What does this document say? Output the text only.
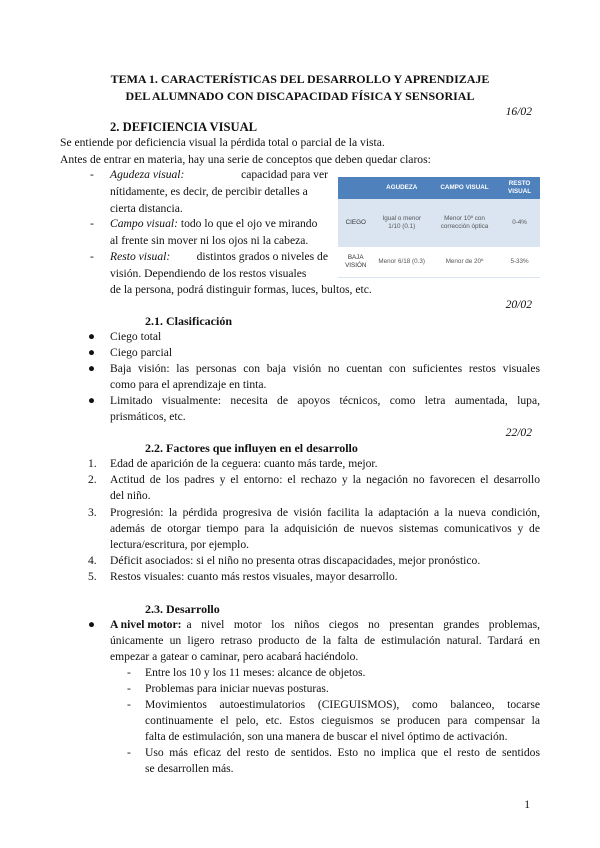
TEMA 1. CARACTERÍSTICAS DEL DESARROLLO Y APRENDIZAJE
DEL ALUMNADO CON DISCAPACIDAD FÍSICA Y SENSORIAL
16/02
2. DEFICIENCIA VISUAL
Se entiende por deficiencia visual la pérdida total o parcial de la vista.
Antes de entrar en materia, hay una serie de conceptos que deben quedar claros:
- Agudeza visual:	capacidad para ver
nítidamente, es decir, de percibir detalles a
cierta distancia.
- Campo visual: todo lo que el ojo ve mirando
al frente sin mover ni los ojos ni la cabeza.
- Resto visual: distintos grados o niveles de
visión. Dependiendo de los restos visuales
de la persona, podrá distinguir formas, luces, bultos, etc.
	AGUDEZA	CAMPO VISUAL	RESTO VISUAL
CIEGO	Igual o menor 1/10 (0.1)	Menor 10º con corrección óptica	0-4%
BAJA VISIÓN	Menor 6/18 (0.3)	Menor de 20º	5-33%
20/02
2.1. Clasificación
● Ciego total
● Ciego parcial
● Baja visión: las personas con baja visión no cuentan con suficientes restos visuales
como para el aprendizaje en tinta.
● Limitado visualmente: necesita de apoyos técnicos, como letra aumentada, lupa,
prismáticos, etc.
22/02
2.2. Factores que influyen en el desarrollo
1. Edad de aparición de la ceguera: cuanto más tarde, mejor.
2. Actitud de los padres y el entorno: el rechazo y la negación no favorecen el desarrollo
del niño.
3. Progresión: la pérdida progresiva de visión facilita la adaptación a la nueva condición,
además de otorgar tiempo para la adquisición de nuevos sistemas comunicativos y de
lectura/escritura, por ejemplo.
4. Déficit asociados: si el niño no presenta otras discapacidades, mejor pronóstico.
5. Restos visuales: cuanto más restos visuales, mayor desarrollo.
2.3. Desarrollo
● A nivel motor: a nivel motor los niños ciegos no presentan grandes problemas,
únicamente un ligero retraso producto de la falta de estimulación natural. Tardará en
empezar a gatear o caminar, pero acabará haciéndolo.
- Entre los 10 y los 11 meses: alcance de objetos.
- Problemas para iniciar nuevas posturas.
- Movimientos autoestimulatorios (CIEGUISMOS), como balanceo, tocarse
continuamente el pelo, etc. Estos cieguismos se producen para compensar la
falta de estimulación, son una manera de buscar el nivel óptimo de activación.
- Uso más eficaz del resto de sentidos. Esto no implica que el resto de sentidos
se desarrollen más.
1
